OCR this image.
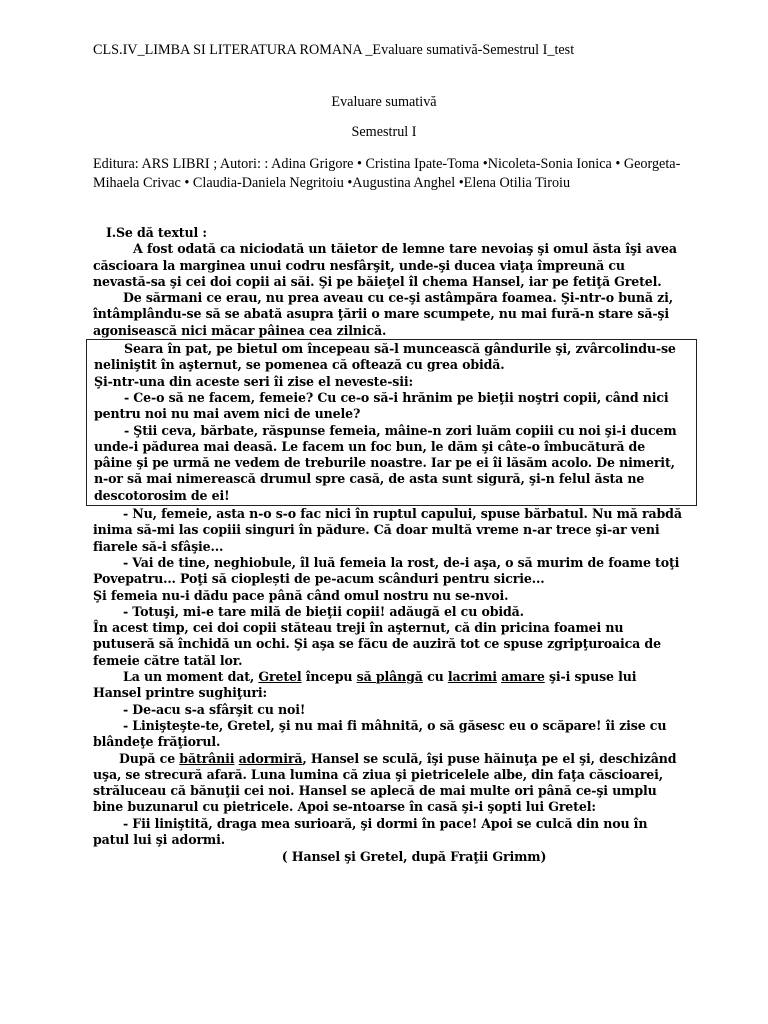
CLS.IV_LIMBA SI LITERATURA ROMANA _Evaluare sumativă-Semestrul I_test
Evaluare sumativă
Semestrul I
Editura: ARS LIBRI ; Autori: : Adina Grigore • Cristina Ipate-Toma •Nicoleta-Sonia Ionica • Georgeta-Mihaela Crivac • Claudia-Daniela Negritoiu •Augustina Anghel •Elena Otilia Tiroiu

I.Se dă textul :

A fost odată ca niciodată un tăietor de lemne tare nevoiaş şi omul ăsta îşi avea căscioara la marginea unui codru nesfârşit, unde-şi ducea viaţa împreună cu nevastă-sa şi cei doi copii ai săi. Şi pe băieţel îl chema Hansel, iar pe fetiţă Gretel.

De sărmani ce erau, nu prea aveau cu ce-şi astâmpăra foamea. Şi-ntr-o bună zi, întâmplându-se să se abată asupra ţării o mare scumpete, nu mai fură-n stare să-şi agonisească nici măcar pâinea cea zilnică.

Seara în pat, pe bietul om începeau să-l muncească gândurile şi, zvârcolindu-se neliniştit în aşternut, se pomenea că oftează cu grea obidă.

Şi-ntr-una din aceste seri îi zise el neveste-sii:

- Ce-o să ne facem, femeie? Cu ce-o să-i hrănim pe bieţii noştri copii, când nici pentru noi nu mai avem nici de unele?

- Ştii ceva, bărbate, răspunse femeia, mâine-n zori luăm copiii cu noi şi-i ducem unde-i pădurea mai deasă. Le facem un foc bun, le dăm şi câte-o îmbucătură de pâine şi pe urmă ne vedem de treburile noastre. Iar pe ei îi lăsăm acolo. De nimerit, n-or să mai nimerească drumul spre casă, de asta sunt sigură, şi-n felul ăsta ne descotorosim de ei!

- Nu, femeie, asta n-o s-o fac nici în ruptul capului, spuse bărbatul. Nu mă rabdă inima să-mi las copiii singuri în pădure. Că doar multă vreme n-ar trece şi-ar veni fiarele să-i sfâşie...

- Vai de tine, neghiobule, îl luă femeia la rost, de-i aşa, o să murim de foame toţi Povepatru... Poţi să cioplești de pe-acum scânduri pentru sicrie...

Şi femeia nu-i dădu pace până când omul nostru nu se-nvoi.

- Totuşi, mi-e tare milă de bieţii copii! adăugă el cu obidă.

În acest timp, cei doi copii stăteau treji în aşternut, că din pricina foamei nu putuseră să închidă un ochi. Şi aşa se făcu de auziră tot ce spuse zgripţuroaica de femeie către tatăl lor.

La un moment dat, Gretel începu să plângă cu lacrimi amare şi-i spuse lui Hansel printre sughiţuri:

- De-acu s-a sfârşit cu noi!

- Linişteşte-te, Gretel, şi nu mai fi mâhnită, o să găsesc eu o scăpare! îi zise cu blândeţe frăţiorul.

După ce bătrânii adormiră, Hansel se sculă, îşi puse hăinuţa pe el şi, deschizând uşa, se strecură afară. Luna lumina că ziua şi pietricelele albe, din faţa căscioarei, străluceau că bănuţii cei noi. Hansel se aplecă de mai multe ori până ce-şi umplu bine buzunarul cu pietricele. Apoi se-ntoarse în casă şi-i şopti lui Gretel:

- Fii liniştită, draga mea surioară, şi dormi în pace! Apoi se culcă din nou în patul lui şi adormi.

( Hansel şi Gretel, după Fraţii Grimm)
